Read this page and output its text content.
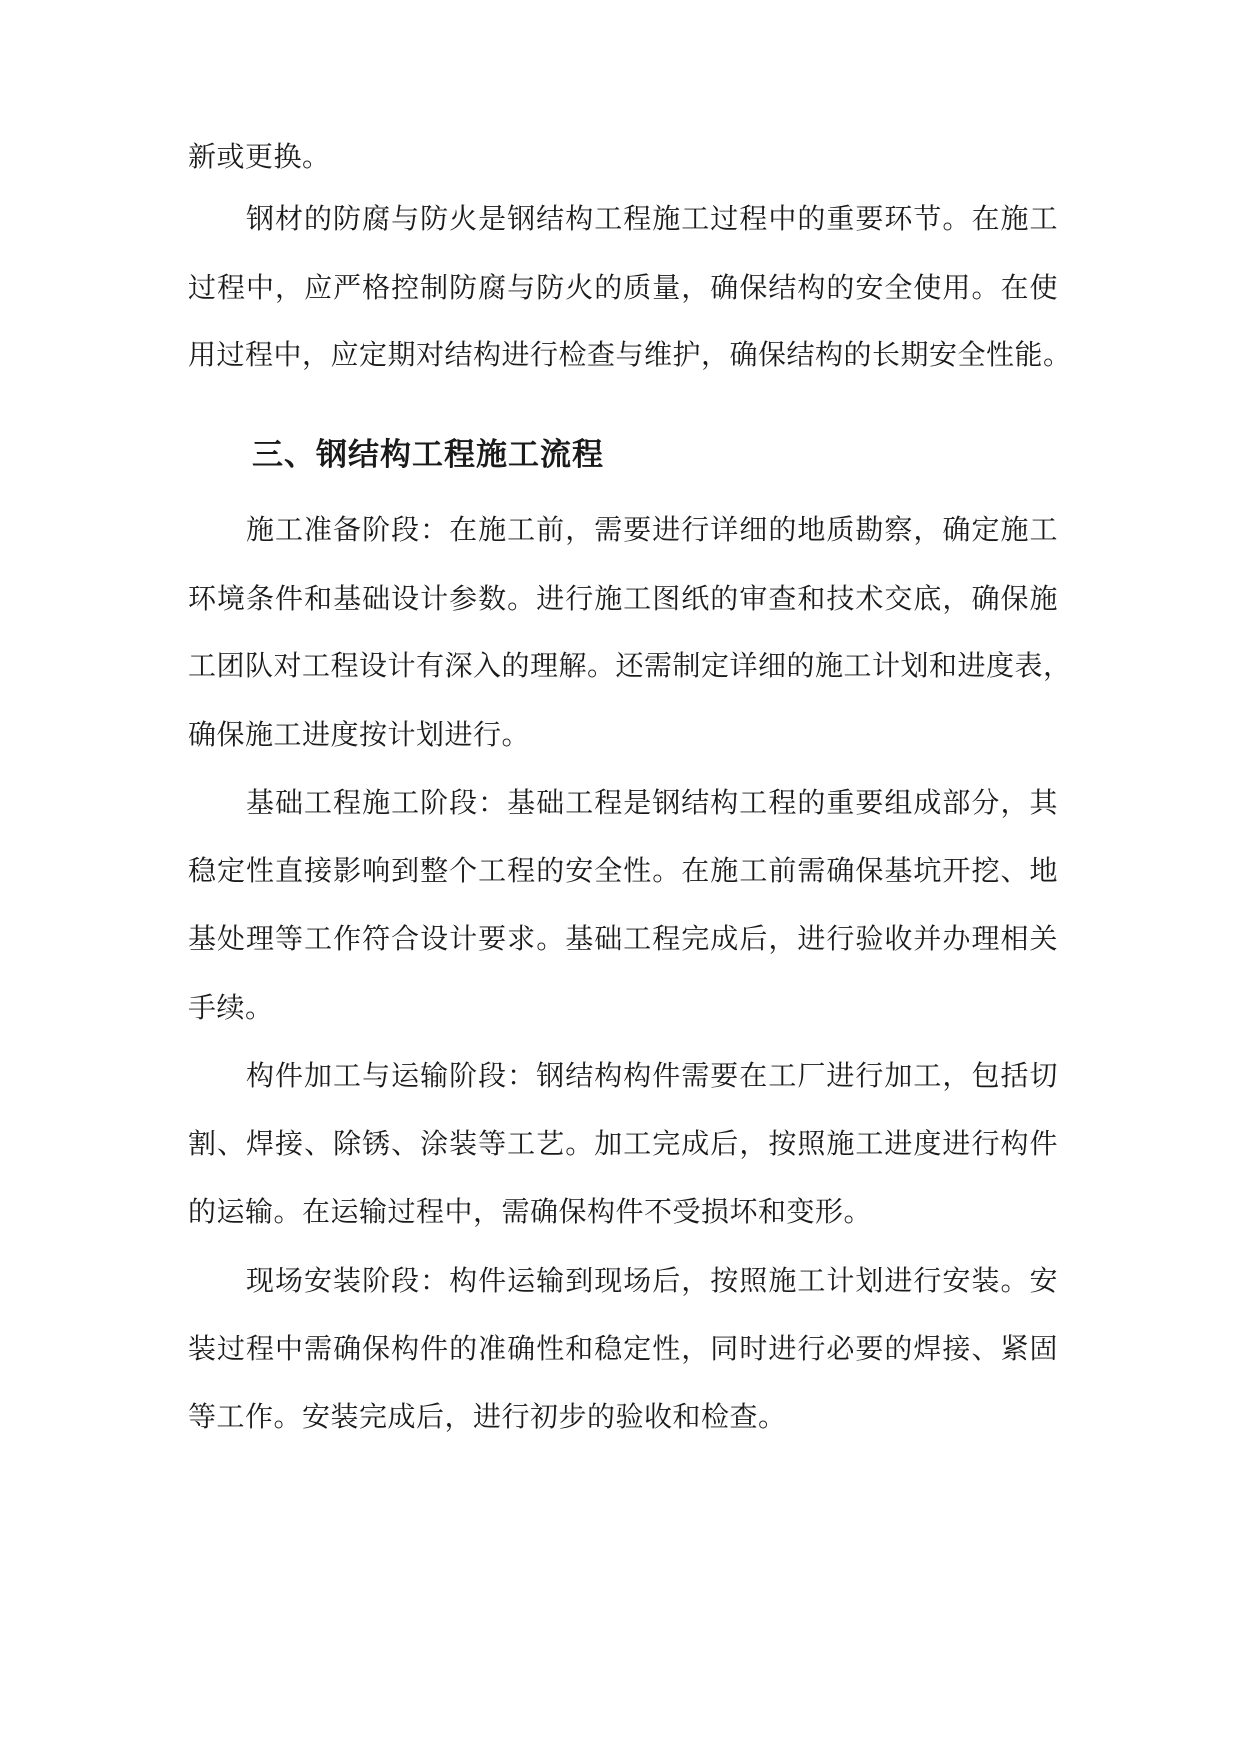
新或更换。
钢材的防腐与防火是钢结构工程施工过程中的重要环节。在施工
过程中，应严格控制防腐与防火的质量，确保结构的安全使用。在使
用过程中，应定期对结构进行检查与维护，确保结构的长期安全性能。
三、钢结构工程施工流程
施工准备阶段：在施工前，需要进行详细的地质勘察，确定施工
环境条件和基础设计参数。进行施工图纸的审查和技术交底，确保施
工团队对工程设计有深入的理解。还需制定详细的施工计划和进度表，
确保施工进度按计划进行。
基础工程施工阶段：基础工程是钢结构工程的重要组成部分，其
稳定性直接影响到整个工程的安全性。在施工前需确保基坑开挖、地
基处理等工作符合设计要求。基础工程完成后，进行验收并办理相关
手续。
构件加工与运输阶段：钢结构构件需要在工厂进行加工，包括切
割、焊接、除锈、涂装等工艺。加工完成后，按照施工进度进行构件
的运输。在运输过程中，需确保构件不受损坏和变形。
现场安装阶段：构件运输到现场后，按照施工计划进行安装。安
装过程中需确保构件的准确性和稳定性，同时进行必要的焊接、紧固
等工作。安装完成后，进行初步的验收和检查。
